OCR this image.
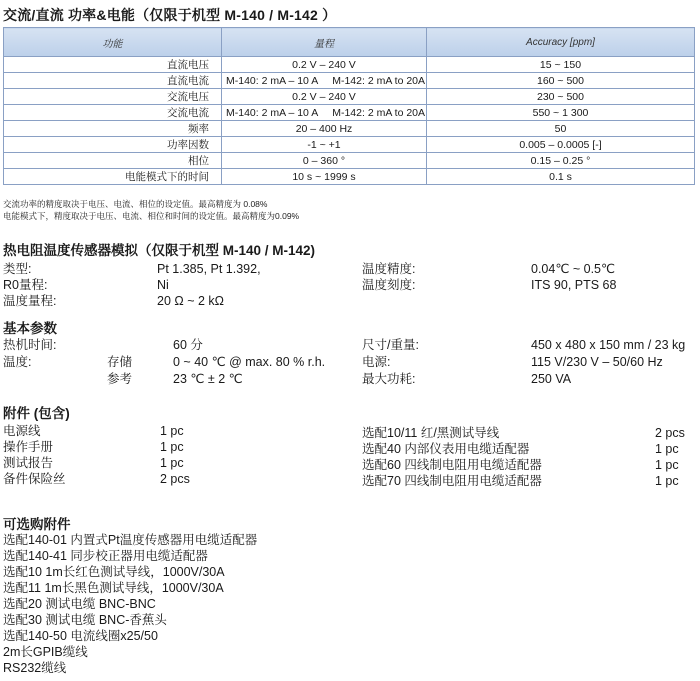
交流/直流 功率&电能（仅限于机型 M-140 / M-142 ）
功能	量程	Accuracy [ppm]
直流电压	0.2 V – 240 V	15 ~ 150
直流电流	M-140: 2 mA – 10 A M-142: 2 mA to 20A	160 ~ 500
交流电压	0.2 V – 240 V	230 ~ 500
交流电流	M-140: 2 mA – 10 A M-142: 2 mA to 20A	550 ~ 1 300
频率	20 – 400 Hz	50
功率因数	-1 ~ +1	0.005 – 0.0005 [-]
相位	0 – 360 °	0.15 – 0.25 °
电能模式下的时间	10 s ~ 1999 s	0.1 s
交流功率的精度取决于电压、电流、相位的设定值。最高精度为 0.08%
电能模式下，精度取决于电压、电流、相位和时间的设定值。最高精度为0.09%
热电阻温度传感器模拟（仅限于机型 M-140 / M-142)
类型:	Pt 1.385, Pt 1.392,
R0量程:	Ni
温度量程:	20 Ω ~ 2 kΩ
温度精度:	0.04℃ ~ 0.5℃
温度刻度:	ITS 90, PTS 68
基本参数
热机时间:	60 分
温度:	存储	0 ~ 40 ℃ @ max. 80 % r.h.
参考	23 ℃ ± 2 ℃
尺寸/重量:	450 x 480 x 150 mm / 23 kg
电源:	115 V/230 V – 50/60 Hz
最大功耗:	250 VA
附件 (包含)
电源线	1 pc
操作手册	1 pc
测试报告	1 pc
备件保险丝	2 pcs
选配10/11 红/黑测试导线	2 pcs
选配40 内部仪表用电缆适配器	1 pc
选配60 四线制电阻用电缆适配器	1 pc
选配70 四线制电阻用电缆适配器	1 pc
可选购附件
选配140-01 内置式Pt温度传感器用电缆适配器
选配140-41 同步校正器用电缆适配器
选配10 1m长红色测试导线，1000V/30A
选配11 1m长黑色测试导线，1000V/30A
选配20 测试电缆 BNC-BNC
选配30 测试电缆 BNC-香蕉头
选配140-50 电流线圈x25/50
2m长GPIB缆线
RS232缆线
